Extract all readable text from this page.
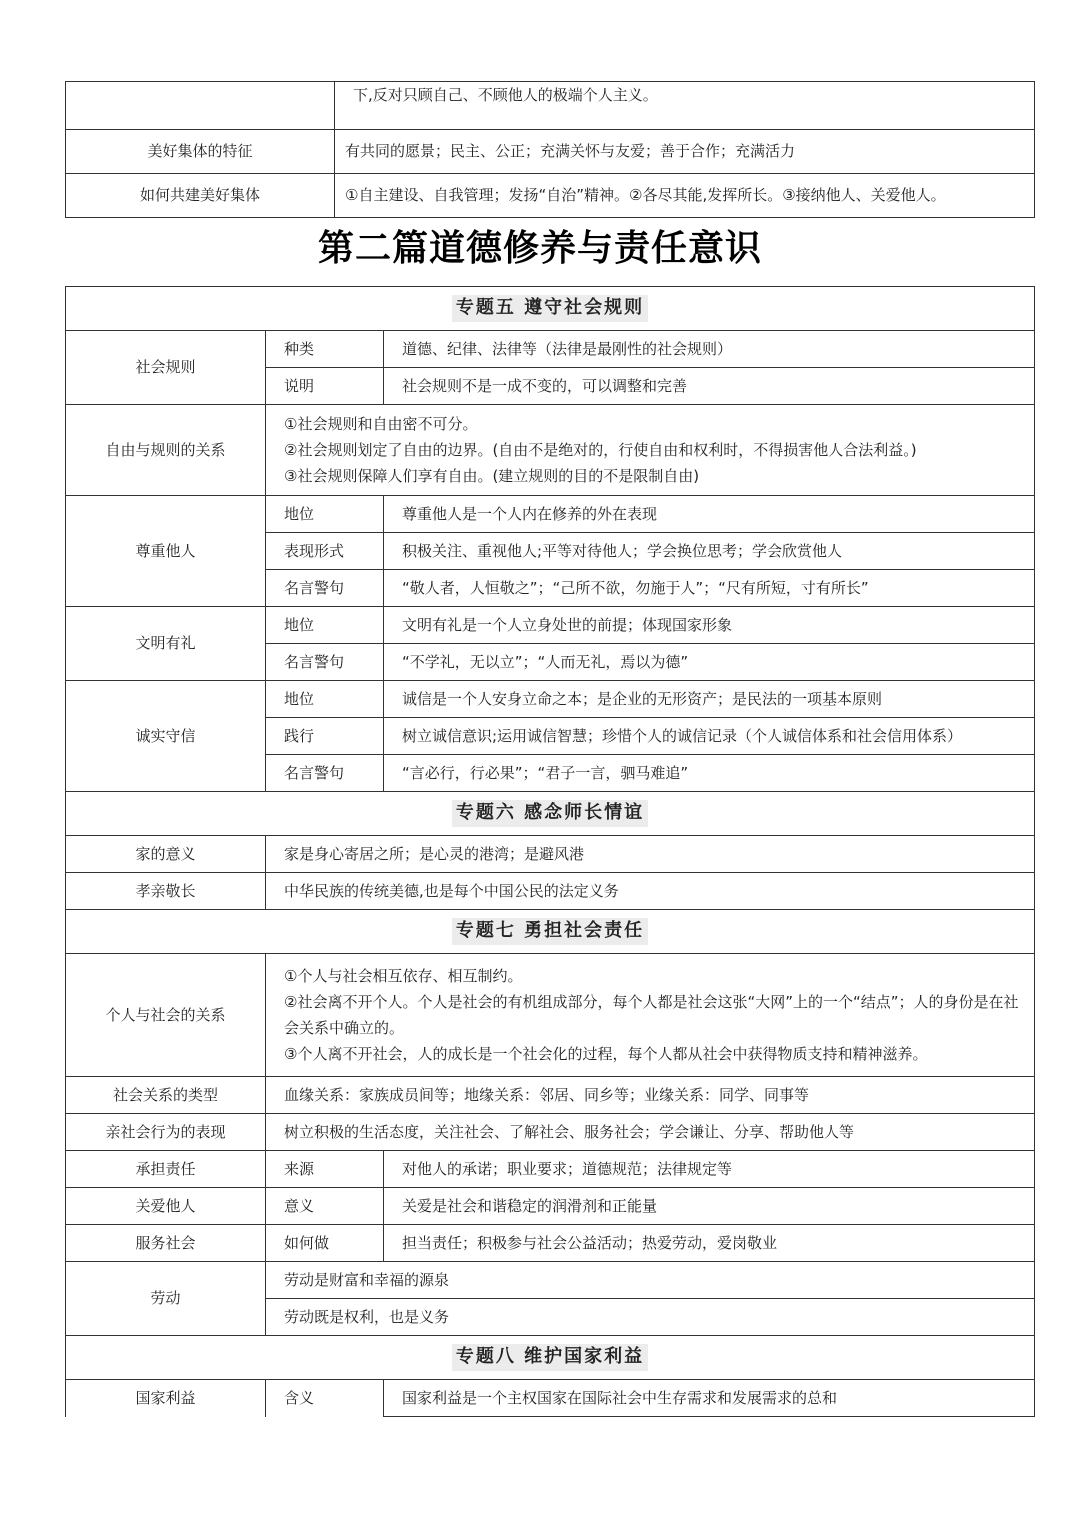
	下,反对只顾自己、不顾他人的极端个人主义。
美好集体的特征	有共同的愿景；民主、公正；充满关怀与友爱；善于合作；充满活力
如何共建美好集体	①自主建设、自我管理；发扬“自治”精神。②各尽其能,发挥所长。③接纳他人、关爱他人。
第二篇道德修养与责任意识
专题五 遵守社会规则		
社会规则	种类	道德、纪律、法律等（法律是最刚性的社会规则）
	说明	社会规则不是一成不变的，可以调整和完善
自由与规则的关系	①社会规则和自由密不可分。
②社会规则划定了自由的边界。(自由不是绝对的，行使自由和权利时，不得损害他人合法利益。)
③社会规则保障人们享有自由。(建立规则的目的不是限制自由)	

尊重他人	地位	尊重他人是一个人内在修养的外在表现
	表现形式	积极关注、重视他人;平等对待他人；学会换位思考；学会欣赏他人
	名言警句	“敬人者，人恒敬之”；“己所不欲，勿施于人”；“尺有所短，寸有所长”
文明有礼	地位	文明有礼是一个人立身处世的前提；体现国家形象
	名言警句	“不学礼，无以立”；“人而无礼，焉以为德”
诚实守信	地位	诚信是一个人安身立命之本；是企业的无形资产；是民法的一项基本原则
	践行	树立诚信意识;运用诚信智慧；珍惜个人的诚信记录（个人诚信体系和社会信用体系）
	名言警句	“言必行，行必果”；“君子一言，驷马难追”
专题六 感念师长情谊		
家的意义	家是身心寄居之所；是心灵的港湾；是避风港	
孝亲敬长	中华民族的传统美德,也是每个中国公民的法定义务	
专题七 勇担社会责任		
个人与社会的关系	①个人与社会相互依存、相互制约。
②社会离不开个人。个人是社会的有机组成部分，每个人都是社会这张“大网”上的一个“结点”；人的身份是在社会关系中确立的。
③个人离不开社会，人的成长是一个社会化的过程，每个人都从社会中获得物质支持和精神滋养。	

社会关系的类型	血缘关系：家族成员间等；地缘关系：邻居、同乡等；业缘关系：同学、同事等	
亲社会行为的表现	树立积极的生活态度，关注社会、了解社会、服务社会；学会谦让、分享、帮助他人等	
承担责任	来源	对他人的承诺；职业要求；道德规范；法律规定等
关爱他人	意义	关爱是社会和谐稳定的润滑剂和正能量
服务社会	如何做	担当责任；积极参与社会公益活动；热爱劳动，爱岗敬业
劳动	劳动是财富和幸福的源泉	
	劳动既是权利，也是义务	
专题八 维护国家利益		
国家利益	含义	国家利益是一个主权国家在国际社会中生存需求和发展需求的总和
